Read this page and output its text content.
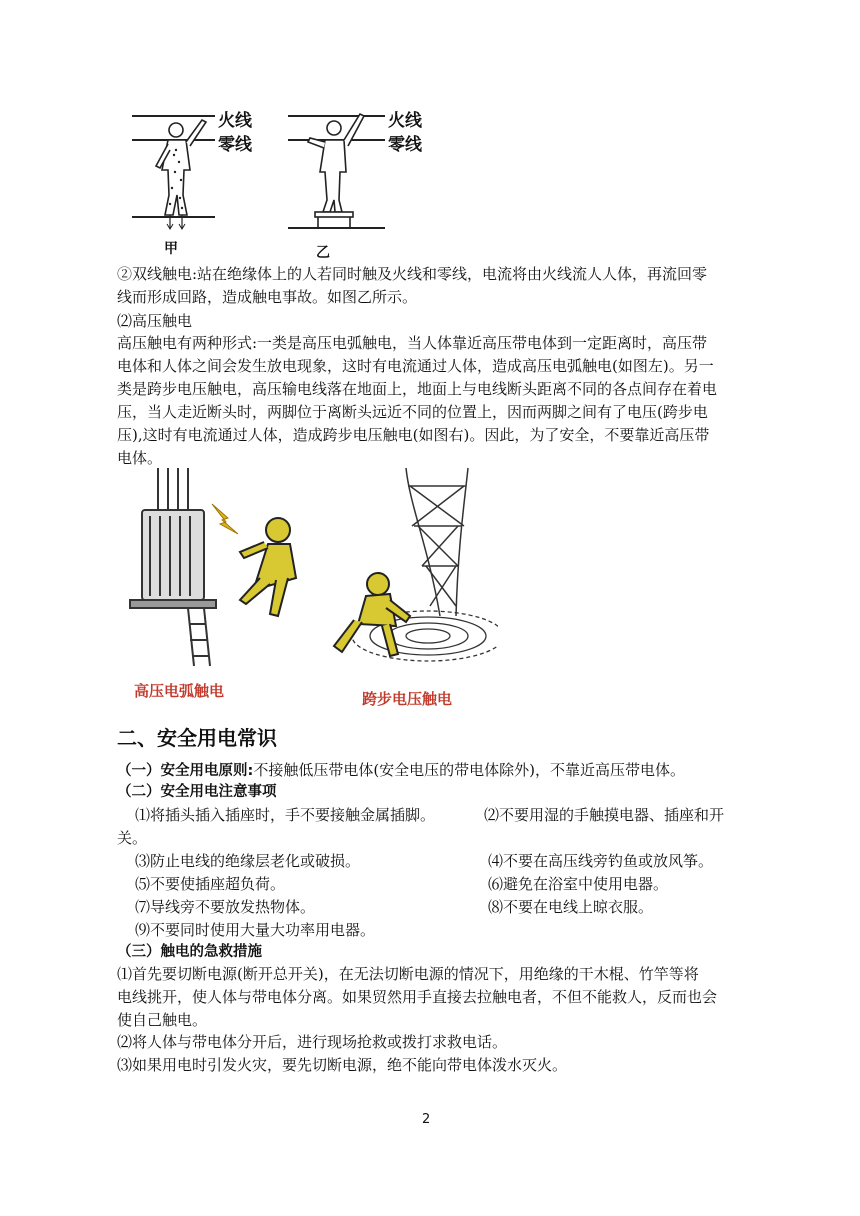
火线
零线
火线
零线
甲	乙
②双线触电:站在绝缘体上的人若同时触及火线和零线，电流将由火线流人人体，再流回零
线而形成回路，造成触电事故。如图乙所示。
⑵高压触电
高压触电有两种形式:一类是高压电弧触电，当人体靠近高压带电体到一定距离时，高压带
电体和人体之间会发生放电现象，这时有电流通过人体，造成高压电弧触电(如图左)。另一
类是跨步电压触电，高压输电线落在地面上，地面上与电线断头距离不同的各点间存在着电
压，当人走近断头时，两脚位于离断头远近不同的位置上，因而两脚之间有了电压(跨步电
压),这时有电流通过人体，造成跨步电压触电(如图右)。因此，为了安全，不要靠近高压带
电体。
高压电弧触电	跨步电压触电
二、安全用电常识
（一）安全用电原则:不接触低压带电体(安全电压的带电体除外)，不靠近高压带电体。
（二）安全用电注意事项
⑴将插头插入插座时，手不要接触金属插脚。	⑵不要用湿的手触摸电器、插座和开
关。
⑶防止电线的绝缘层老化或破损。	⑷不要在高压线旁钓鱼或放风筝。
⑸不要使插座超负荷。	⑹避免在浴室中使用电器。
⑺导线旁不要放发热物体。	⑻不要在电线上晾衣服。
⑼不要同时使用大量大功率用电器。
（三）触电的急救措施
⑴首先要切断电源(断开总开关)，在无法切断电源的情况下，用绝缘的干木棍、竹竿等将
电线挑开，使人体与带电体分离。如果贸然用手直接去拉触电者，不但不能救人，反而也会
使自己触电。
⑵将人体与带电体分开后，进行现场抢救或拨打求救电话。
⑶如果用电时引发火灾，要先切断电源，绝不能向带电体泼水灭火。
2
